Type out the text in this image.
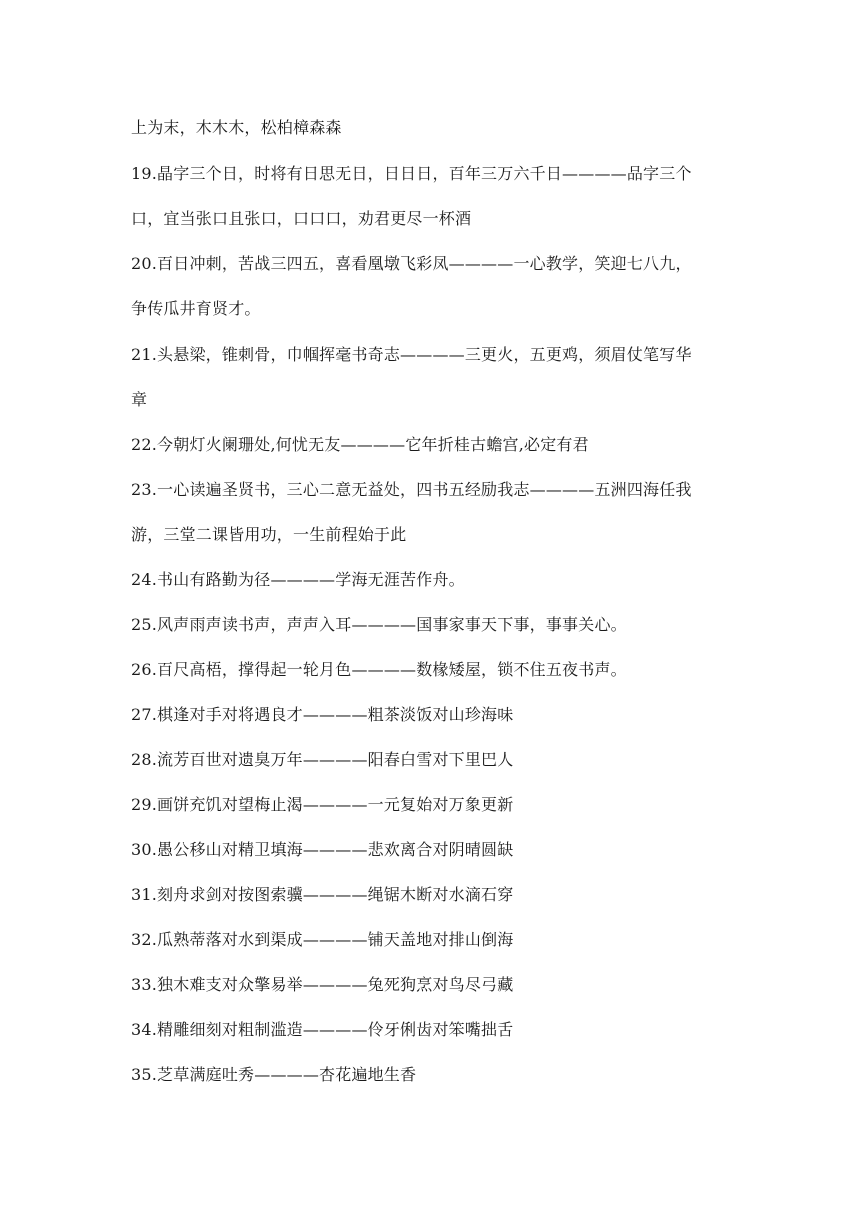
上为末，木木木，松柏樟森森
19.晶字三个日，时将有日思无日，日日日，百年三万六千日————品字三个
口，宜当张口且张口，口口口，劝君更尽一杯酒
20.百日冲刺，苦战三四五，喜看凰墩飞彩凤————一心教学，笑迎七八九，
争传瓜井育贤才。
21.头悬梁，锥刺骨，巾帼挥毫书奇志————三更火，五更鸡，须眉仗笔写华
章
22.今朝灯火阑珊处,何忧无友————它年折桂古蟾宫,必定有君
23.一心读遍圣贤书，三心二意无益处，四书五经励我志————五洲四海任我
游，三堂二课皆用功，一生前程始于此
24.书山有路勤为径————学海无涯苦作舟。
25.风声雨声读书声，声声入耳————国事家事天下事，事事关心。
26.百尺高梧，撑得起一轮月色————数椽矮屋，锁不住五夜书声。
27.棋逢对手对将遇良才————粗茶淡饭对山珍海味
28.流芳百世对遗臭万年————阳春白雪对下里巴人
29.画饼充饥对望梅止渴————一元复始对万象更新
30.愚公移山对精卫填海————悲欢离合对阴晴圆缺
31.刻舟求剑对按图索骥————绳锯木断对水滴石穿
32.瓜熟蒂落对水到渠成————铺天盖地对排山倒海
33.独木难支对众擎易举————兔死狗烹对鸟尽弓藏
34.精雕细刻对粗制滥造————伶牙俐齿对笨嘴拙舌
35.芝草满庭吐秀————杏花遍地生香
